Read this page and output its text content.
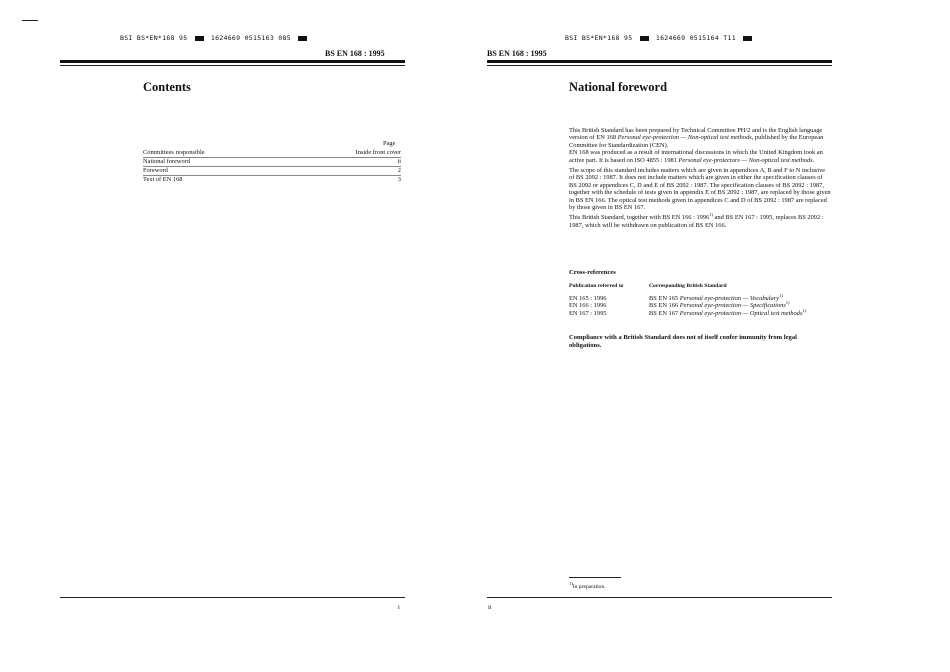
BSI BS*EN*168 95	1624669 0515163 085
BS EN 168 : 1995
Contents
Page
Committees responsible	Inside front cover
National foreword	ii
Foreword	2
Text of EN 168	3
i
BSI BS*EN*168 95	1624669 0515164 T11
BS EN 168 : 1995
National foreword

This British Standard has been prepared by Technical Committee PH/2 and is the English language version of EN 168 Personal eye-protection — Non-optical test methods, published by the European Committee for Standardization (CEN).

EN 168 was produced as a result of international discussions in which the United Kingdom took an active part. It is based on ISO 4855 : 1981 Personal eye-protectors — Non-optical test methods.

The scope of this standard includes matters which are given in appendices A, B and F to N inclusive of BS 2092 : 1987. It does not include matters which are given in either the specification clauses of BS 2092 or appendices C, D and E of BS 2092 : 1987. The specification clauses of BS 2092 : 1987, together with the schedule of tests given in appendix E of BS 2092 : 1987, are replaced by those given in BS EN 166. The optical test methods given in appendices C and D of BS 2092 : 1987 are replaced by those given in BS EN 167.

This British Standard, together with BS EN 166 : 1996$^{1)}$ and BS EN 167 : 1995, replaces BS 2092 : 1987, which will be withdrawn on publication of BS EN 166.

Cross-references
Publication referred to	Corresponding British Standard
EN 165 : 1996	BS EN 165 Personal eye-protection — Vocabulary$^{1)}$
EN 166 : 1996	BS EN 166 Personal eye-protection — Specifications$^{1)}$
EN 167 : 1995	BS EN 167 Personal eye-protection — Optical test methods$^{1)}$
Compliance with a British Standard does not of itself confer immunity from legal obligations.
$^{1)}$In preparation.
ii
